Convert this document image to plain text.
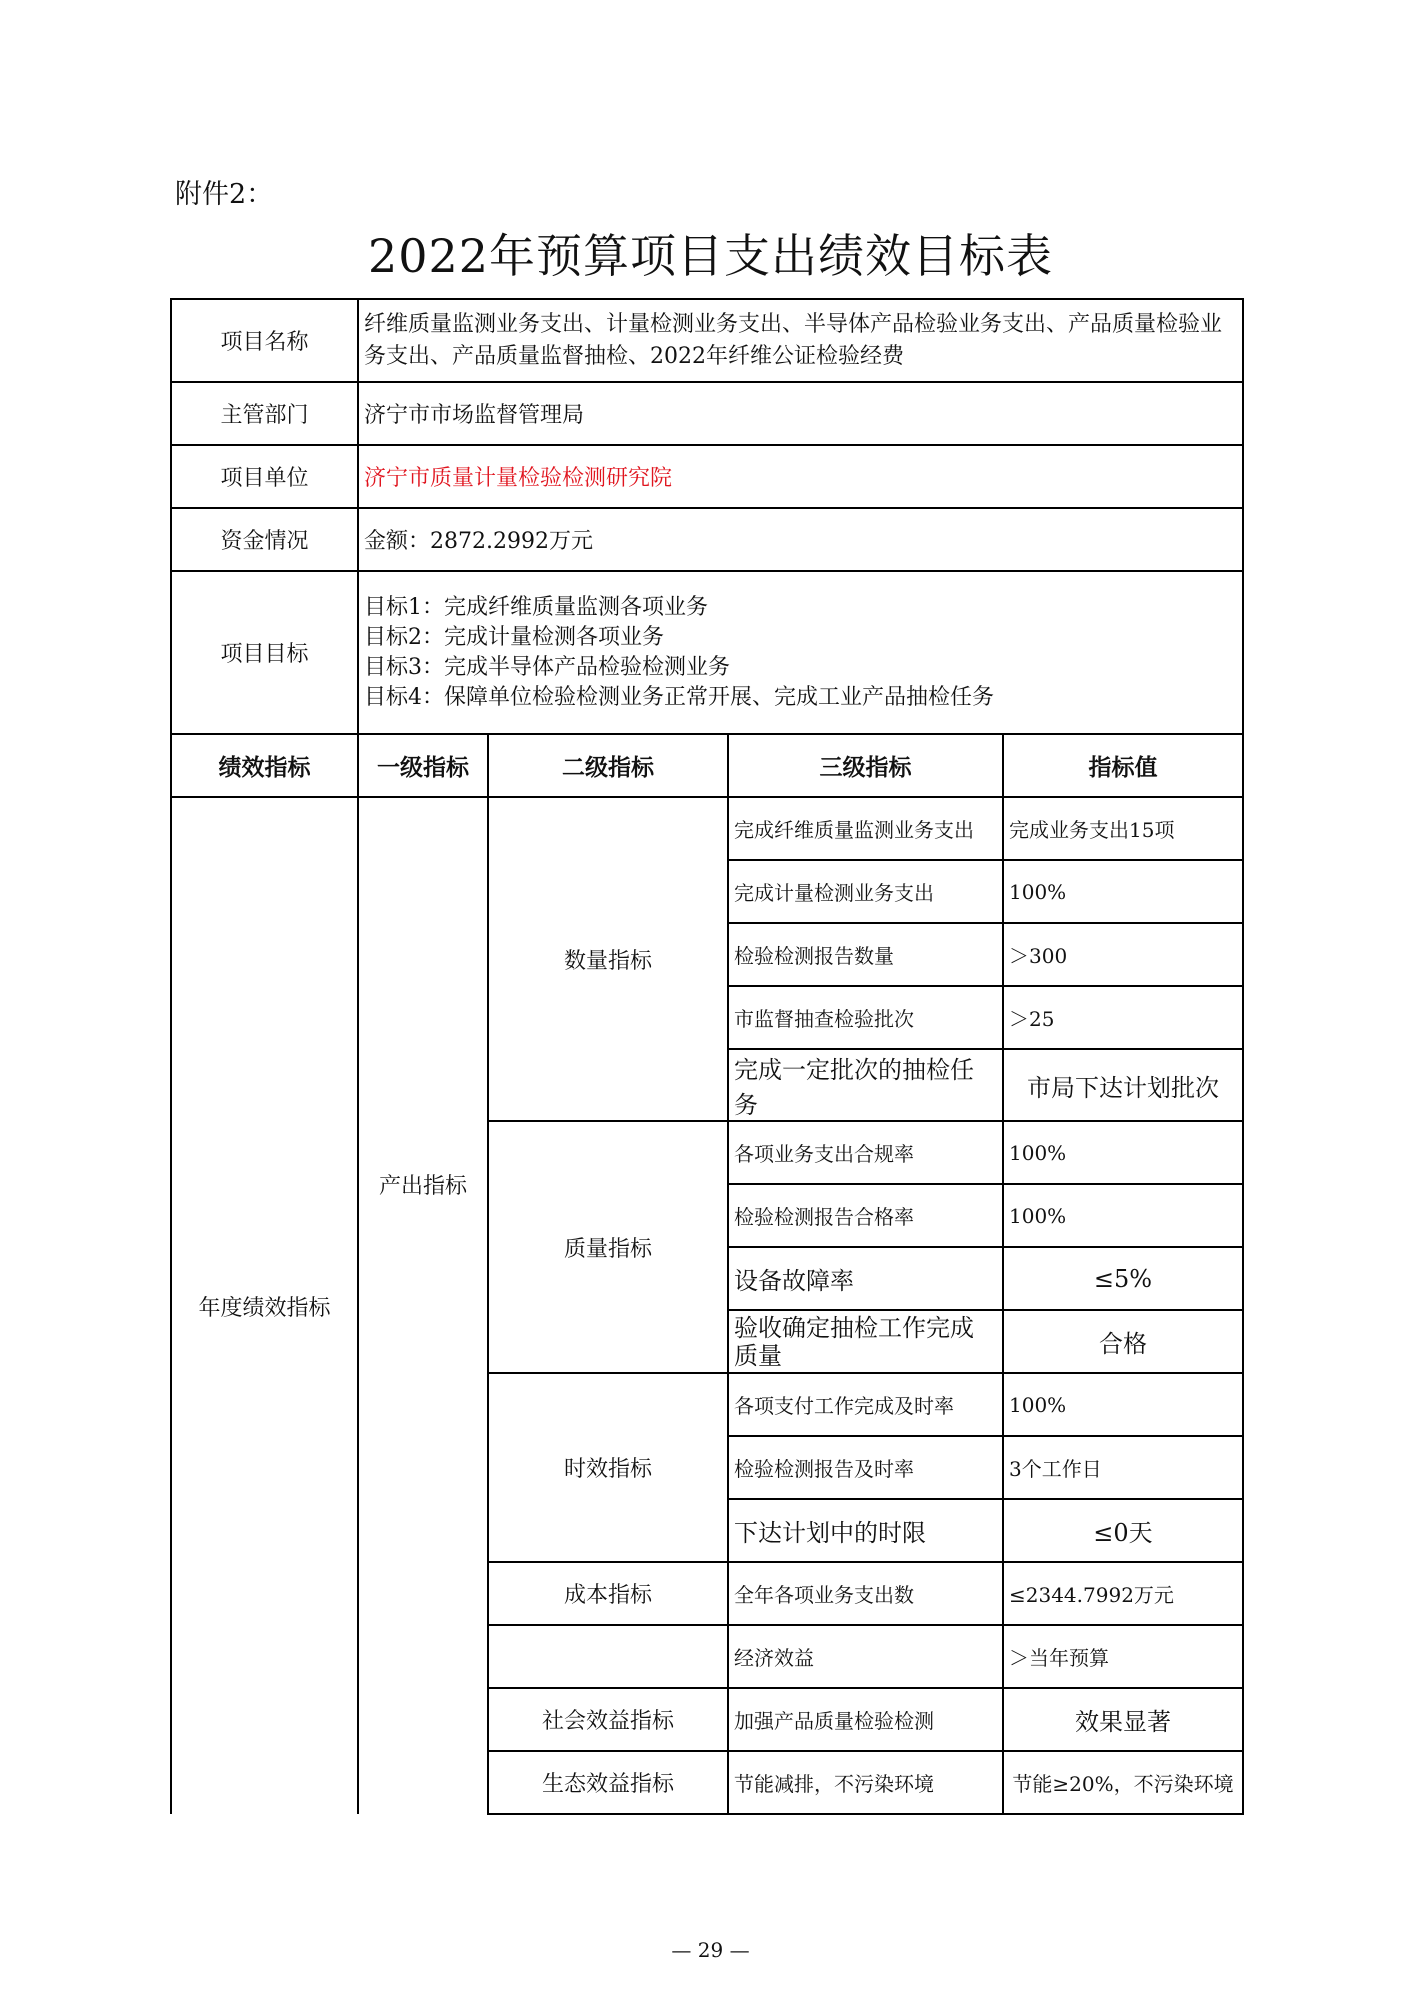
附件2：
2022年预算项目支出绩效目标表
项目名称	纤维质量监测业务支出、计量检测业务支出、半导体产品检验业务支出、产品质量检验业务支出、产品质量监督抽检、2022年纤维公证检验经费			
主管部门	济宁市市场监督管理局			
项目单位	济宁市质量计量检验检测研究院			
资金情况	金额：2872.2992万元			
项目目标	目标1：完成纤维质量监测各项业务
目标2：完成计量检测各项业务
目标3：完成半导体产品检验检测业务
目标4：保障单位检验检测业务正常开展、完成工业产品抽检任务			

绩效指标	一级指标	二级指标	三级指标	指标值
年度绩效指标	产出指标	数量指标	完成纤维质量监测业务支出	完成业务支出15项
			完成计量检测业务支出	100%
			检验检测报告数量	＞300
			市监督抽查检验批次	＞25
			完成一定批次的抽检任务	市局下达计划批次
		质量指标	各项业务支出合规率	100%
			检验检测报告合格率	100%
			设备故障率	≤5%
			验收确定抽检工作完成质量	合格
		时效指标	各项支付工作完成及时率	100%
			检验检测报告及时率	3个工作日
			下达计划中的时限	≤0天
		成本指标	全年各项业务支出数	≤2344.7992万元
			经济效益	＞当年预算
		社会效益指标	加强产品质量检验检测	效果显著
		生态效益指标	节能减排，不污染环境	节能≥20%，不污染环境
— 29 —
